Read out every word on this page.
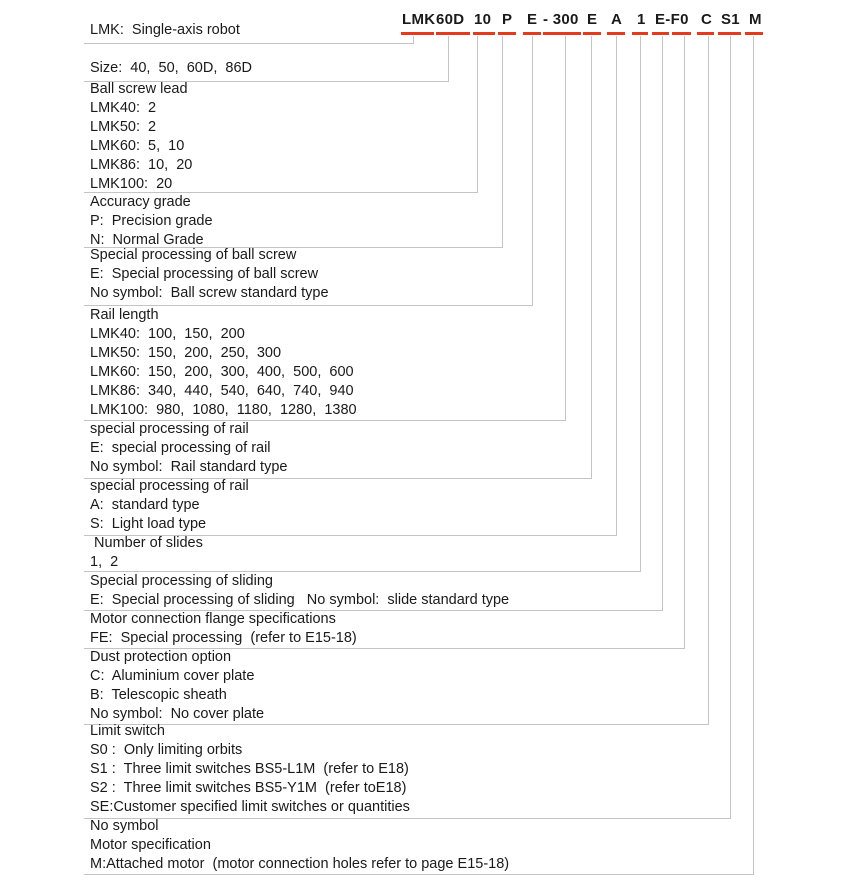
LMK 60D 10 P E - 300 E A 1 E-F0 C S1 M
LMK:  Single-axis robot
Size:  40,  50,  60D,  86D
Ball screw lead
LMK40:  2
LMK50:  2
LMK60:  5,  10
LMK86:  10,  20
LMK100:  20
Accuracy grade
P:  Precision grade
N:  Normal Grade
Special processing of ball screw
E:  Special processing of ball screw
No symbol:  Ball screw standard type
Rail length
LMK40:  100,  150,  200
LMK50:  150,  200,  250,  300
LMK60:  150,  200,  300,  400,  500,  600
LMK86:  340,  440,  540,  640,  740,  940
LMK100:  980,  1080,  1180,  1280,  1380
special processing of rail
E:  special processing of rail
No symbol:  Rail standard type
special processing of rail
A:  standard type
S:  Light load type
Number of slides
1,  2
Special processing of sliding
E:  Special processing of sliding   No symbol:  slide standard type
Motor connection flange specifications
FE:  Special processing  (refer to E15-18)
Dust protection option
C:  Aluminium cover plate
B:  Telescopic sheath
No symbol:  No cover plate
Limit switch
S0 :  Only limiting orbits
S1 :  Three limit switches BS5-L1M  (refer to E18)
S2 :  Three limit switches BS5-Y1M  (refer toE18)
SE:Customer specified limit switches or quantities
No symbol
Motor specification
M:Attached motor  (motor connection holes refer to page E15-18)
